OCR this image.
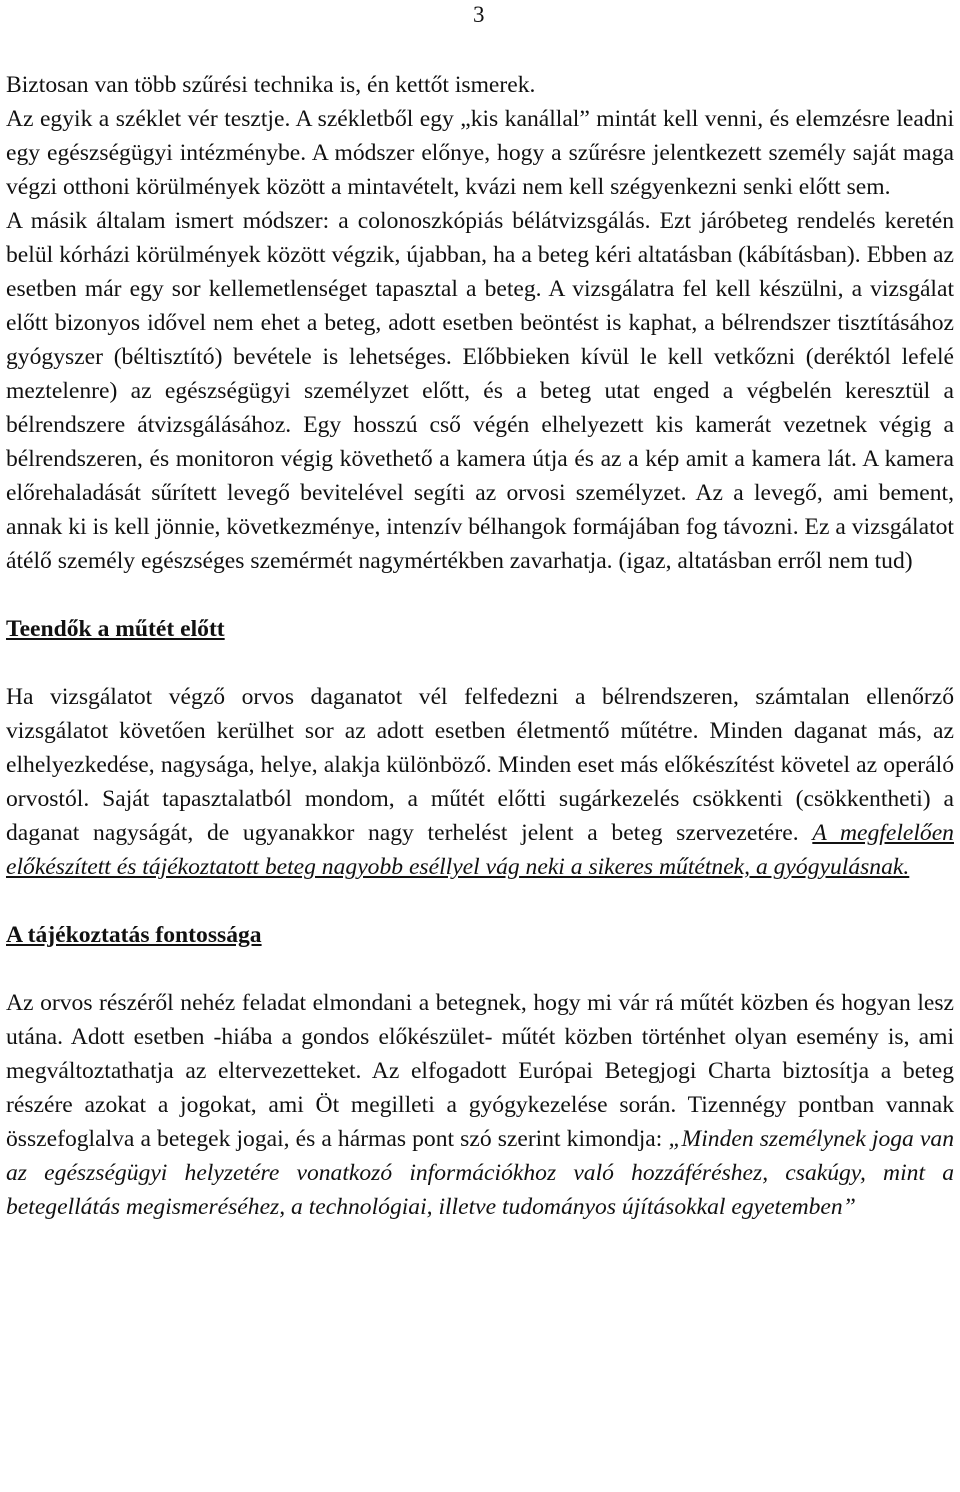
3

Biztosan van több szűrési technika is, én kettőt ismerek.
Az egyik a széklet vér tesztje. A székletből egy „kis kanállal” mintát kell venni, és elemzésre leadni egy egészségügyi intézménybe. A módszer előnye, hogy a szűrésre jelentkezett személy saját maga végzi otthoni körülmények között a mintavételt, kvázi nem kell szégyenkezni senki előtt sem.

A másik általam ismert módszer: a colonoszkópiás bélátvizsgálás. Ezt járóbeteg rendelés keretén belül kórházi körülmények között végzik, újabban, ha a beteg kéri altatásban (kábításban). Ebben az esetben már egy sor kellemetlenséget tapasztal a beteg. A vizsgálatra fel kell készülni, a vizsgálat előtt bizonyos idővel nem ehet a beteg, adott esetben beöntést is kaphat, a bélrendszer tisztításához gyógyszer (béltisztító) bevétele is lehetséges. Előbbieken kívül le kell vetkőzni (deréktól lefelé meztelenre) az egészségügyi személyzet előtt, és a beteg utat enged a végbelén keresztül a bélrendszere átvizsgálásához. Egy hosszú cső végén elhelyezett kis kamerát vezetnek végig a bélrendszeren, és monitoron végig követhető a kamera útja és az a kép amit a kamera lát. A kamera előrehaladását sűrített levegő bevitelével segíti az orvosi személyzet. Az a levegő, ami bement, annak ki is kell jönnie, következménye, intenzív bélhangok formájában fog távozni. Ez a vizsgálatot átélő személy egészséges szemérmét nagymértékben zavarhatja. (igaz, altatásban erről nem tud)

Teendők a műtét előtt

Ha vizsgálatot végző orvos daganatot vél felfedezni a bélrendszeren, számtalan ellenőrző vizsgálatot követően kerülhet sor az adott esetben életmentő műtétre. Minden daganat más, az elhelyezkedése, nagysága, helye, alakja különböző. Minden eset más előkészítést követel az operáló orvostól. Saját tapasztalatból mondom, a műtét előtti sugárkezelés csökkenti (csökkentheti) a daganat nagyságát, de ugyanakkor nagy terhelést jelent a beteg szervezetére. A megfelelően előkészített és tájékoztatott beteg nagyobb eséllyel vág neki a sikeres műtétnek, a gyógyulásnak.

A tájékoztatás fontossága

Az orvos részéről nehéz feladat elmondani a betegnek, hogy mi vár rá műtét közben és hogyan lesz utána. Adott esetben -hiába a gondos előkészület- műtét közben történhet olyan esemény is, ami megváltoztathatja az eltervezetteket. Az elfogadott Európai Betegjogi Charta biztosítja a beteg részére azokat a jogokat, ami Öt megilleti a gyógykezelése során. Tizennégy pontban vannak összefoglalva a betegek jogai, és a hármas pont szó szerint kimondja: „Minden személynek joga van az egészségügyi helyzetére vonatkozó információkhoz való hozzáféréshez, csakúgy, mint a betegellátás megismeréséhez, a technológiai, illetve tudományos újításokkal egyetemben”
